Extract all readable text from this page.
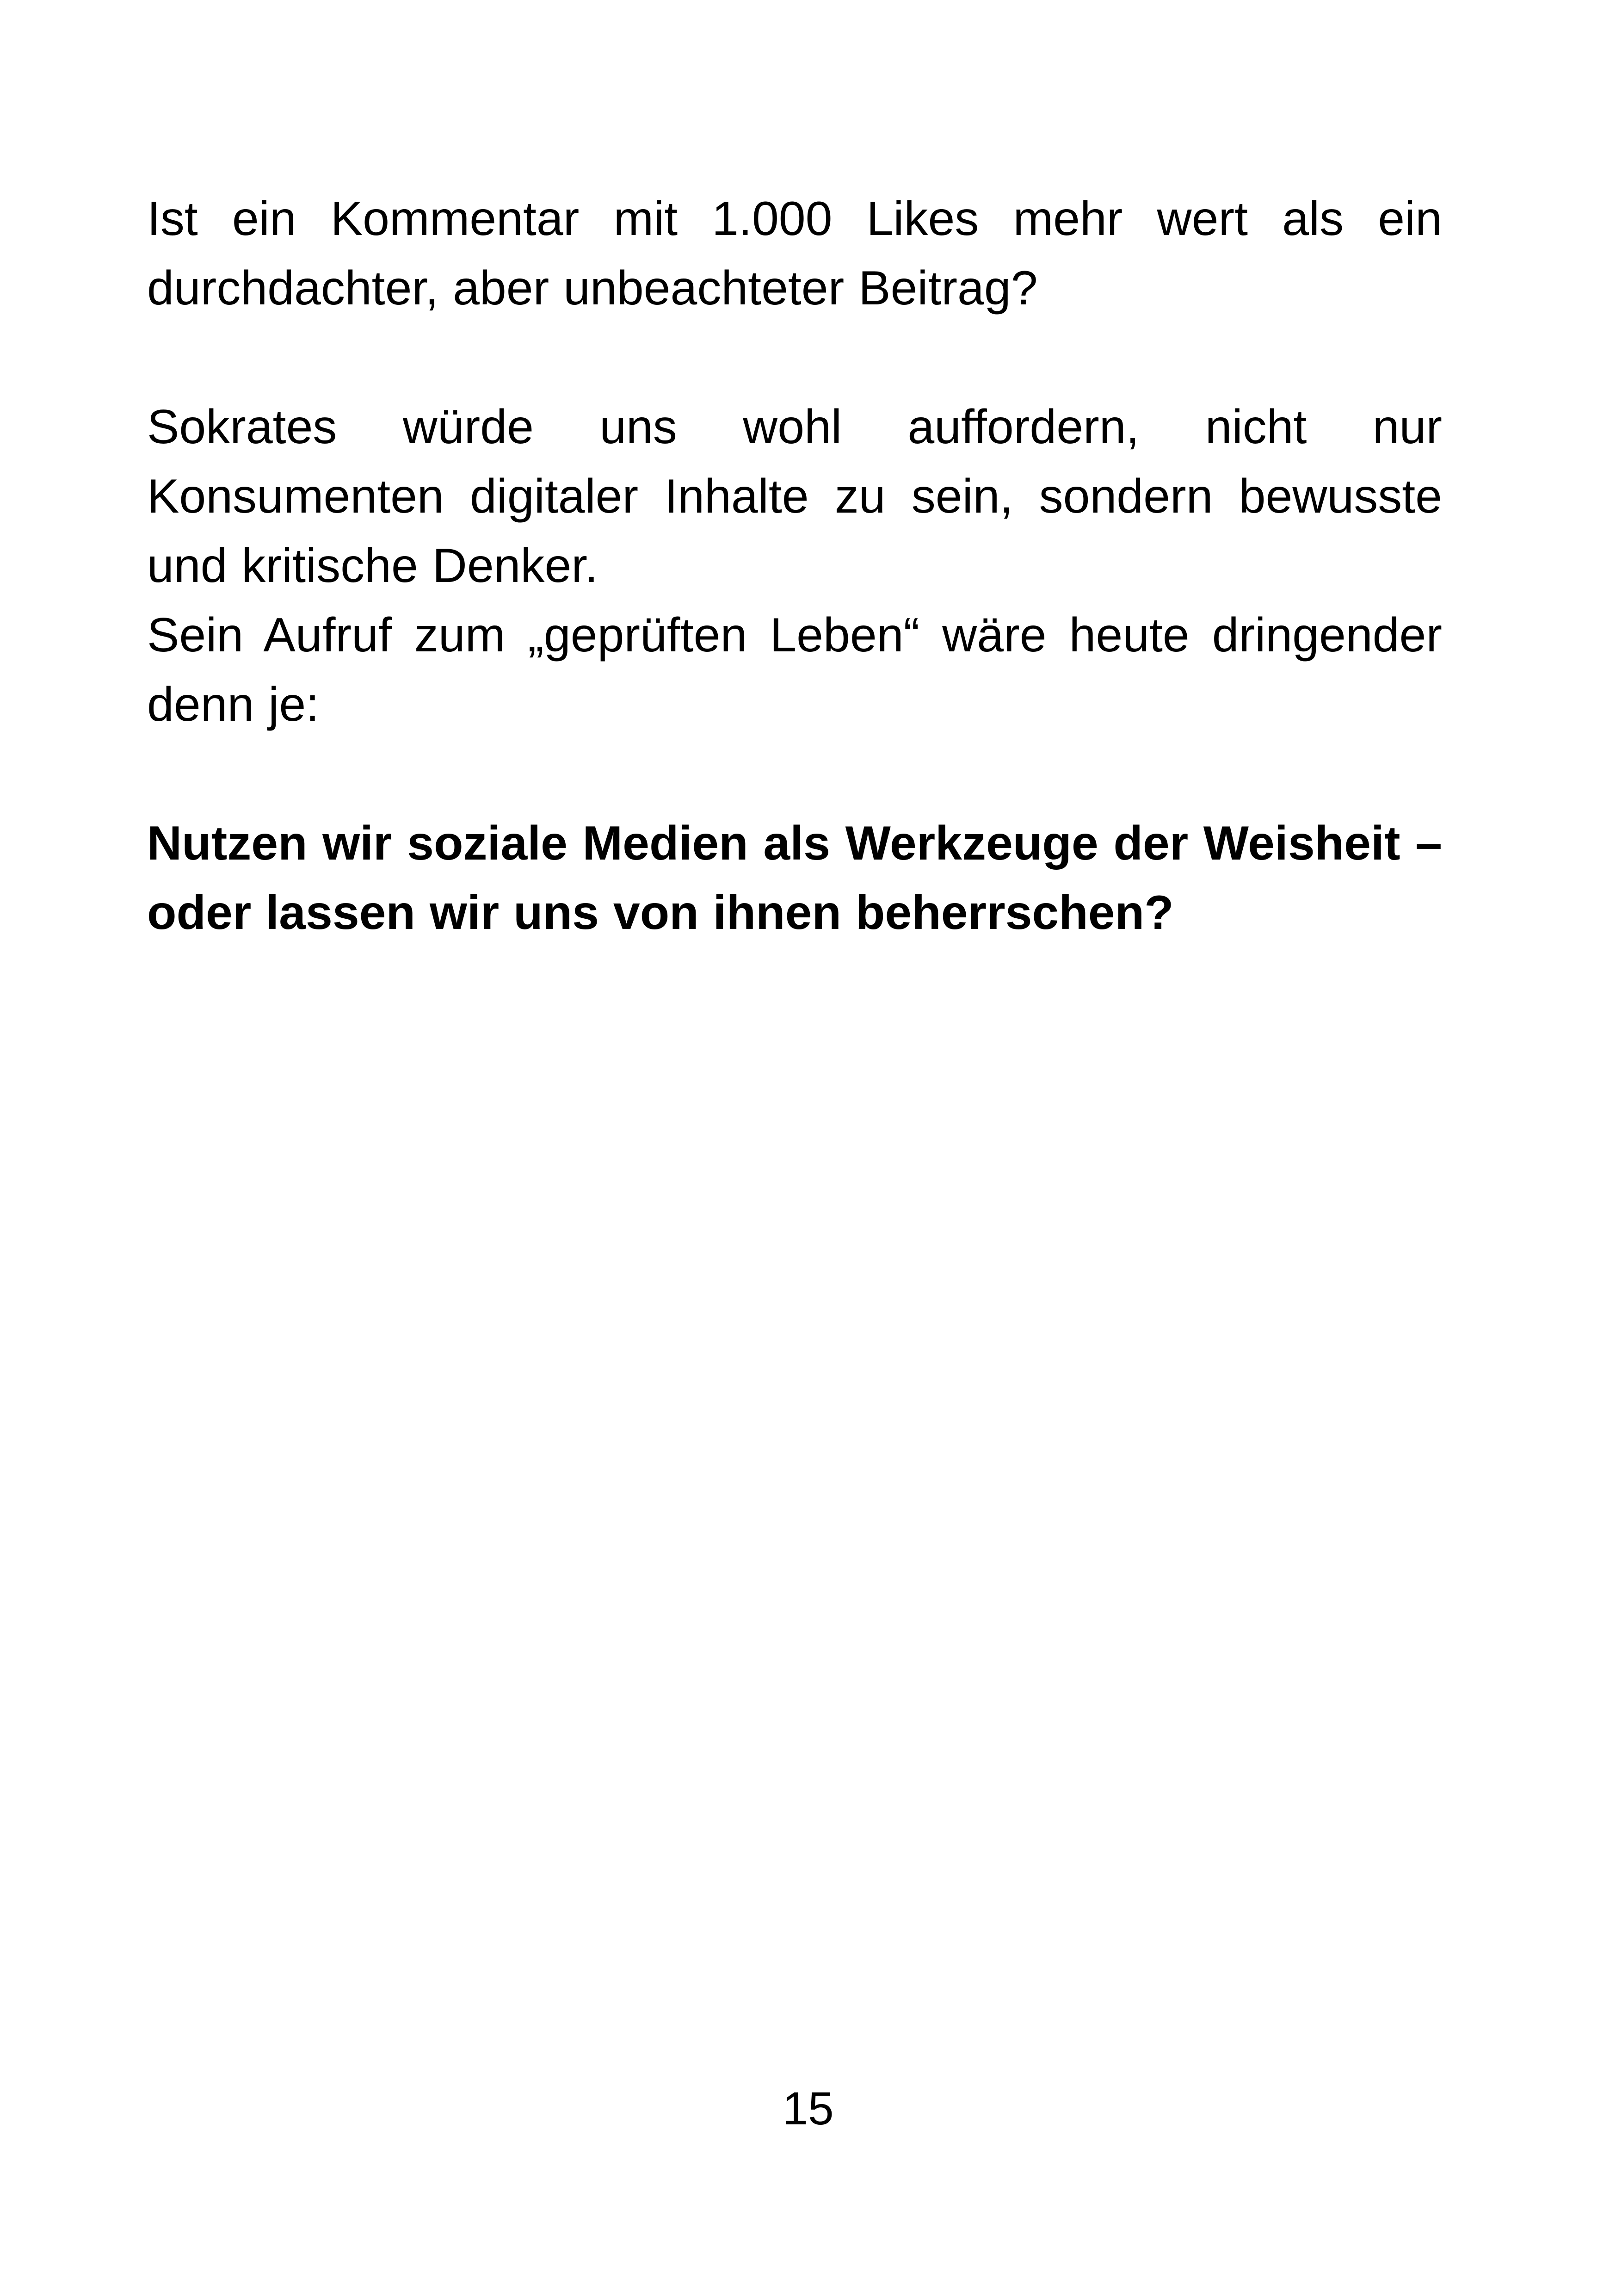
Ist ein Kommentar mit 1.000 Likes mehr wert als ein durchdachter, aber unbeachteter Beitrag?

Sokrates würde uns wohl auffordern, nicht nur Konsumenten digitaler Inhalte zu sein, sondern bewusste und kritische Denker.

Sein Aufruf zum „geprüften Leben“ wäre heute dringender denn je:

Nutzen wir soziale Medien als Werkzeuge der Weisheit – oder lassen wir uns von ihnen beherrschen?

15
